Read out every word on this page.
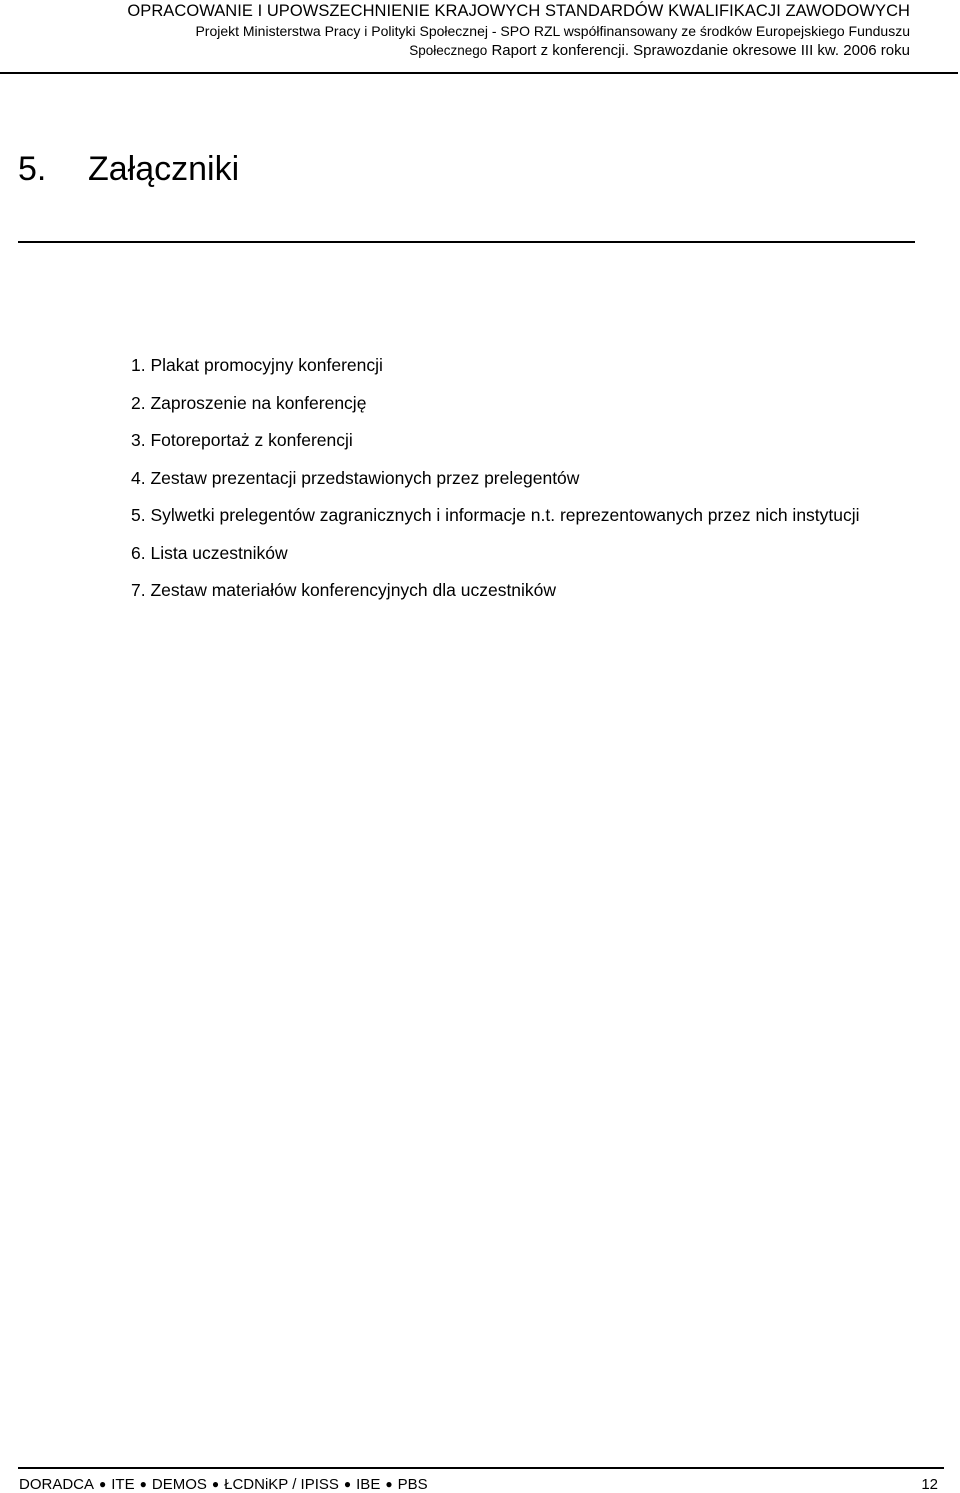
OPRACOWANIE I UPOWSZECHNIENIE KRAJOWYCH STANDARDÓW KWALIFIKACJI ZAWODOWYCH
Projekt Ministerstwa Pracy i Polityki Społecznej - SPO RZL współfinansowany ze środków Europejskiego Funduszu
Społecznego Raport z konferencji. Sprawozdanie okresowe III kw. 2006 roku
5. Załączniki
1. Plakat promocyjny konferencji
2. Zaproszenie na konferencję
3. Fotoreportaż z konferencji
4. Zestaw prezentacji przedstawionych przez prelegentów
5. Sylwetki prelegentów zagranicznych i informacje n.t. reprezentowanych przez nich instytucji
6. Lista uczestników
7. Zestaw materiałów konferencyjnych dla uczestników
DORADCA ● ITE ● DEMOS ● ŁCDNiKP / IPISS ● IBE ● PBS	12
